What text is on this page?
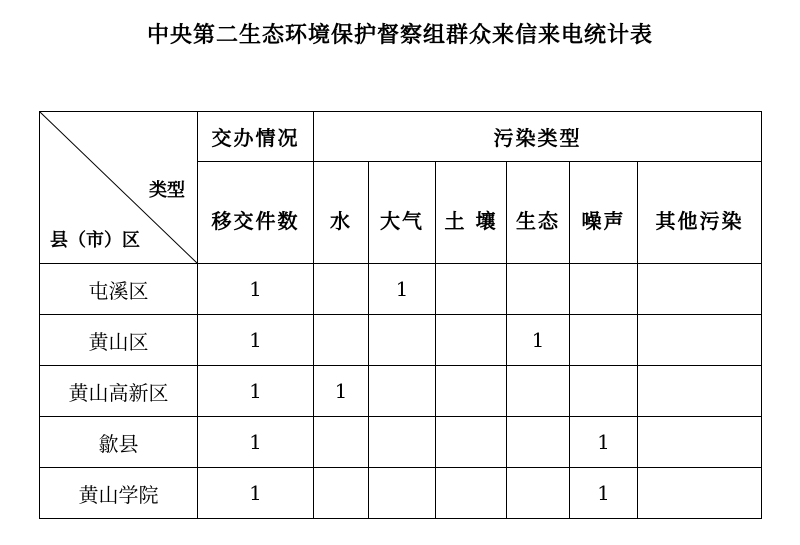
中央第二生态环境保护督察组群众来信来电统计表
类型
县（市）区	交办情况	污染类型					
	移交件数	水	大气	土 壤	生态	噪声	其他污染
屯溪区	1		1				
黄山区	1				1		
黄山高新区	1	1					
歙县	1					1	
黄山学院	1					1	
